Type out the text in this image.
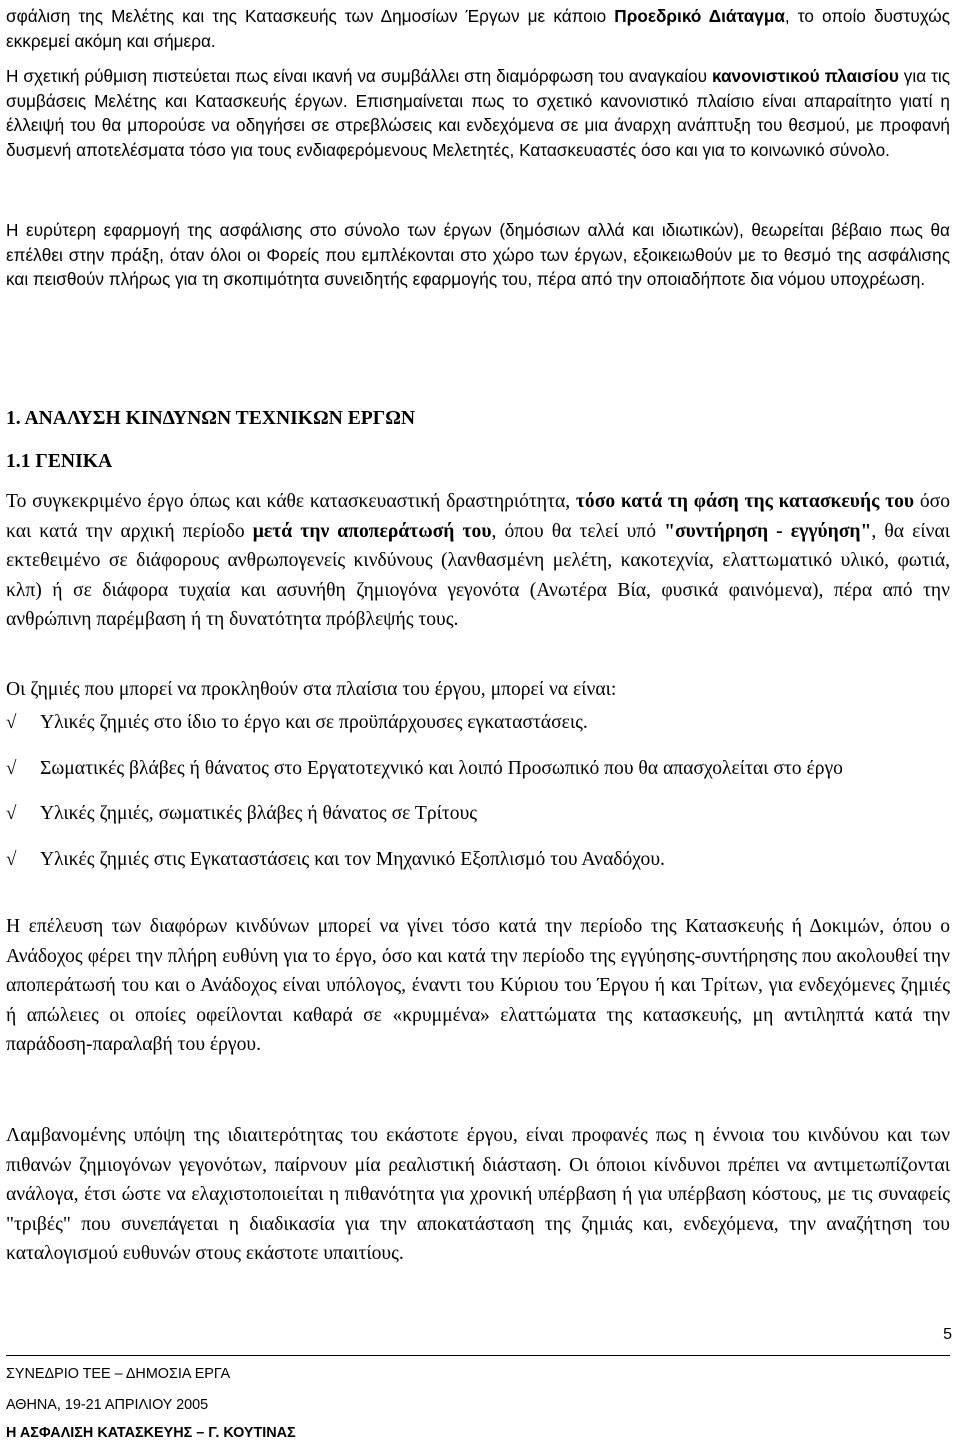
σφάλιση της Μελέτης και της Κατασκευής των Δημοσίων Έργων με κάποιο Προεδρικό Διάταγμα, το οποίο δυστυχώς εκκρεμεί ακόμη και σήμερα.

Η σχετική ρύθμιση πιστεύεται πως είναι ικανή να συμβάλλει στη διαμόρφωση του αναγκαίου κανονιστικού πλαισίου για τις συμβάσεις Μελέτης και Κατασκευής έργων. Επισημαίνεται πως το σχετικό κανονιστικό πλαίσιο είναι απαραίτητο γιατί η έλλειψή του θα μπορούσε να οδηγήσει σε στρεβλώσεις και ενδεχόμενα σε μια άναρχη ανάπτυξη του θεσμού, με προφανή δυσμενή αποτελέσματα τόσο για τους ενδιαφερόμενους Μελετητές, Κατασκευαστές όσο και για το κοινωνικό σύνολο.

Η ευρύτερη εφαρμογή της ασφάλισης στο σύνολο των έργων (δημόσιων αλλά και ιδιωτικών), θεωρείται βέβαιο πως θα επέλθει στην πράξη, όταν όλοι οι Φορείς που εμπλέκονται στο χώρο των έργων, εξοικειωθούν με το θεσμό της ασφάλισης και πεισθούν πλήρως για τη σκοπιμότητα συνειδητής εφαρμογής του, πέρα από την οποιαδήποτε δια νόμου υποχρέωση.

1. ΑΝΑΛΥΣΗ ΚΙΝΔΥΝΩΝ ΤΕΧΝΙΚΩΝ ΕΡΓΩΝ
1.1 ΓΕΝΙΚΑ

Το συγκεκριμένο έργο όπως και κάθε κατασκευαστική δραστηριότητα, τόσο κατά τη φάση της κατασκευής του όσο και κατά την αρχική περίοδο μετά την αποπεράτωσή του, όπου θα τελεί υπό "συντήρηση - εγγύηση", θα είναι εκτεθειμένο σε διάφορους ανθρωπογενείς κινδύνους (λανθασμένη μελέτη, κακοτεχνία, ελαττωματικό υλικό, φωτιά, κλπ) ή σε διάφορα τυχαία και ασυνήθη ζημιογόνα γεγονότα (Ανωτέρα Βία, φυσικά φαινόμενα), πέρα από την ανθρώπινη παρέμβαση ή τη δυνατότητα πρόβλεψής τους.

Οι ζημιές που μπορεί να προκληθούν στα πλαίσια του έργου, μπορεί να είναι:

√	Υλικές ζημιές στο ίδιο το έργο και σε προϋπάρχουσες εγκαταστάσεις.
√	Σωματικές βλάβες ή θάνατος στο Εργατοτεχνικό και λοιπό Προσωπικό που θα απασχολείται στο έργο
√	Υλικές ζημιές, σωματικές βλάβες ή θάνατος σε Τρίτους
√	Υλικές ζημιές στις Εγκαταστάσεις και τον Μηχανικό Εξοπλισμό του Αναδόχου.

Η επέλευση των διαφόρων κινδύνων μπορεί να γίνει τόσο κατά την περίοδο της Κατασκευής ή Δοκιμών, όπου ο Ανάδοχος φέρει την πλήρη ευθύνη για το έργο, όσο και κατά την περίοδο της εγγύησης-συντήρησης που ακολουθεί την αποπεράτωσή του και ο Ανάδοχος είναι υπόλογος, έναντι του Κύριου του Έργου ή και Τρίτων, για ενδεχόμενες ζημιές ή απώλειες οι οποίες οφείλονται καθαρά σε «κρυμμένα» ελαττώματα της κατασκευής, μη αντιληπτά κατά την παράδοση-παραλαβή του έργου.

Λαμβανομένης υπόψη της ιδιαιτερότητας του εκάστοτε έργου, είναι προφανές πως η έννοια του κινδύνου και των πιθανών ζημιογόνων γεγονότων, παίρνουν μία ρεαλιστική διάσταση. Οι όποιοι κίνδυνοι πρέπει να αντιμετωπίζονται ανάλογα, έτσι ώστε να ελαχιστοποιείται η πιθανότητα για χρονική υπέρβαση ή για υπέρβαση κόστους, με τις συναφείς "τριβές" που συνεπάγεται η διαδικασία για την αποκατάσταση της ζημιάς και, ενδεχόμενα, την αναζήτηση του καταλογισμού ευθυνών στους εκάστοτε υπαιτίους.

5

ΣΥΝΕΔΡΙΟ ΤΕΕ – ΔΗΜΟΣΙΑ ΕΡΓΑ

ΑΘΗΝΑ, 19-21 ΑΠΡΙΛΙΟΥ 2005

Η ΑΣΦΑΛΙΣΗ ΚΑΤΑΣΚΕΥΗΣ – Γ. ΚΟΥΤΙΝΑΣ
